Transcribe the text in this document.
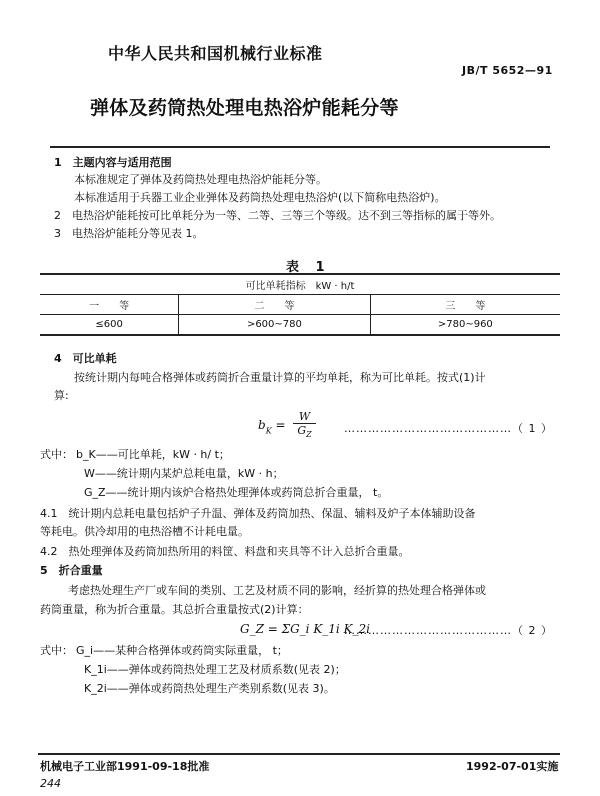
中华人民共和国机械行业标准
JB/T 5652—91
弹体及药筒热处理电热浴炉能耗分等
1　主题内容与适用范围
本标准规定了弹体及药筒热处理电热浴炉能耗分等。
本标准适用于兵器工业企业弹体及药筒热处理电热浴炉(以下简称电热浴炉)。
2　电热浴炉能耗按可比单耗分为一等、二等、三等三个等级。达不到三等指标的属于等外。
3　电热浴炉能耗分等见表 1。
表 1
可比单耗指标　kW · h/t		
一　　等	二　　等	三　　等
≤600	>600~780	>780~960
4　可比单耗
按统计期内每吨合格弹体或药筒折合重量计算的平均单耗，称为可比单耗。按式(1)计
算:
$b_K = \frac{W}{G_Z}$	……………………………………（ 1 ）
式中： b_K——可比单耗，kW · h/ t；
W——统计期内某炉总耗电量，kW · h；
G_Z——统计期内该炉合格热处理弹体或药筒总折合重量， t。
4.1　统计期内总耗电量包括炉子升温、弹体及药筒加热、保温、辅料及炉子本体辅助设备
等耗电。供冷却用的电热浴槽不计耗电量。
4.2　热处理弹体及药筒加热所用的料筐、料盘和夹具等不计入总折合重量。
5　折合重量
考虑热处理生产厂或车间的类别、工艺及材质不同的影响，经折算的热处理合格弹体或
药筒重量，称为折合重量。其总折合重量按式(2)计算：
G_Z = ΣG_i K_1i K_2i
……………………………………（ 2 ）
式中： G_i——某种合格弹体或药筒实际重量， t；
K_1i——弹体或药筒热处理工艺及材质系数(见表 2)；
K_2i——弹体或药筒热处理生产类别系数(见表 3)。
机械电子工业部1991-09-18批准	1992-07-01实施
244
